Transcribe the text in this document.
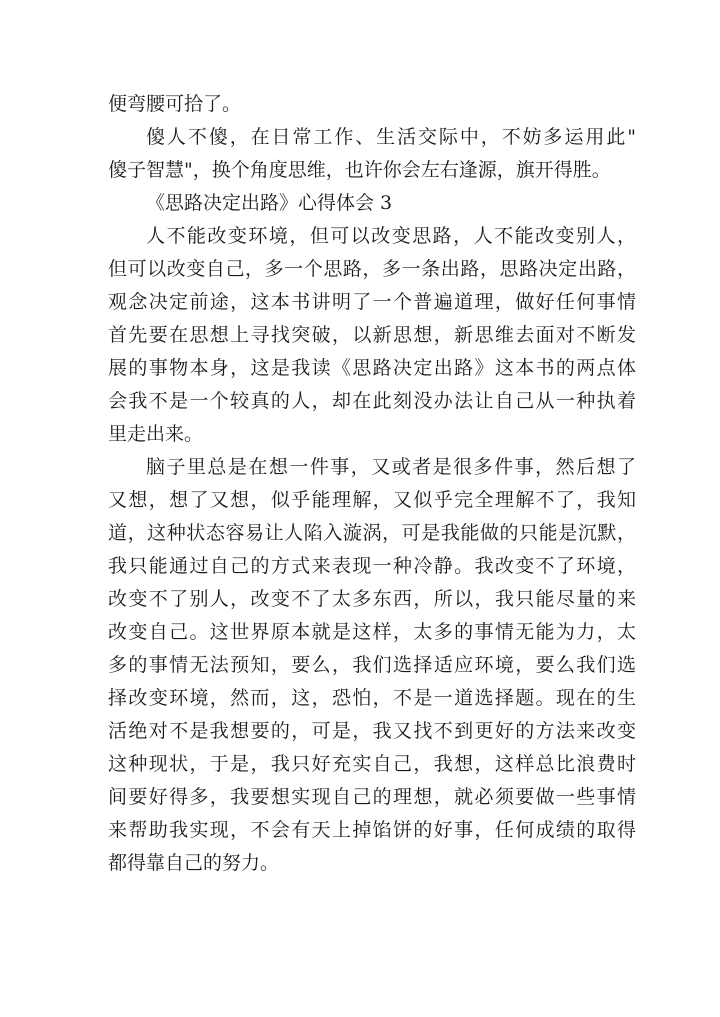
便弯腰可拾了。
傻人不傻，在日常工作、生活交际中，不妨多运用此"
傻子智慧"，换个角度思维，也许你会左右逢源，旗开得胜。
《思路决定出路》心得体会 3
人不能改变环境，但可以改变思路，人不能改变别人，
但可以改变自己，多一个思路，多一条出路，思路决定出路，
观念决定前途，这本书讲明了一个普遍道理，做好任何事情
首先要在思想上寻找突破，以新思想，新思维去面对不断发
展的事物本身，这是我读《思路决定出路》这本书的两点体
会我不是一个较真的人，却在此刻没办法让自己从一种执着
里走出来。
脑子里总是在想一件事，又或者是很多件事，然后想了
又想，想了又想，似乎能理解，又似乎完全理解不了，我知
道，这种状态容易让人陷入漩涡，可是我能做的只能是沉默，
我只能通过自己的方式来表现一种冷静。我改变不了环境，
改变不了别人，改变不了太多东西，所以，我只能尽量的来
改变自己。这世界原本就是这样，太多的事情无能为力，太
多的事情无法预知，要么，我们选择适应环境，要么我们选
择改变环境，然而，这，恐怕，不是一道选择题。现在的生
活绝对不是我想要的，可是，我又找不到更好的方法来改变
这种现状，于是，我只好充实自己，我想，这样总比浪费时
间要好得多，我要想实现自己的理想，就必须要做一些事情
来帮助我实现，不会有天上掉馅饼的好事，任何成绩的取得
都得靠自己的努力。
